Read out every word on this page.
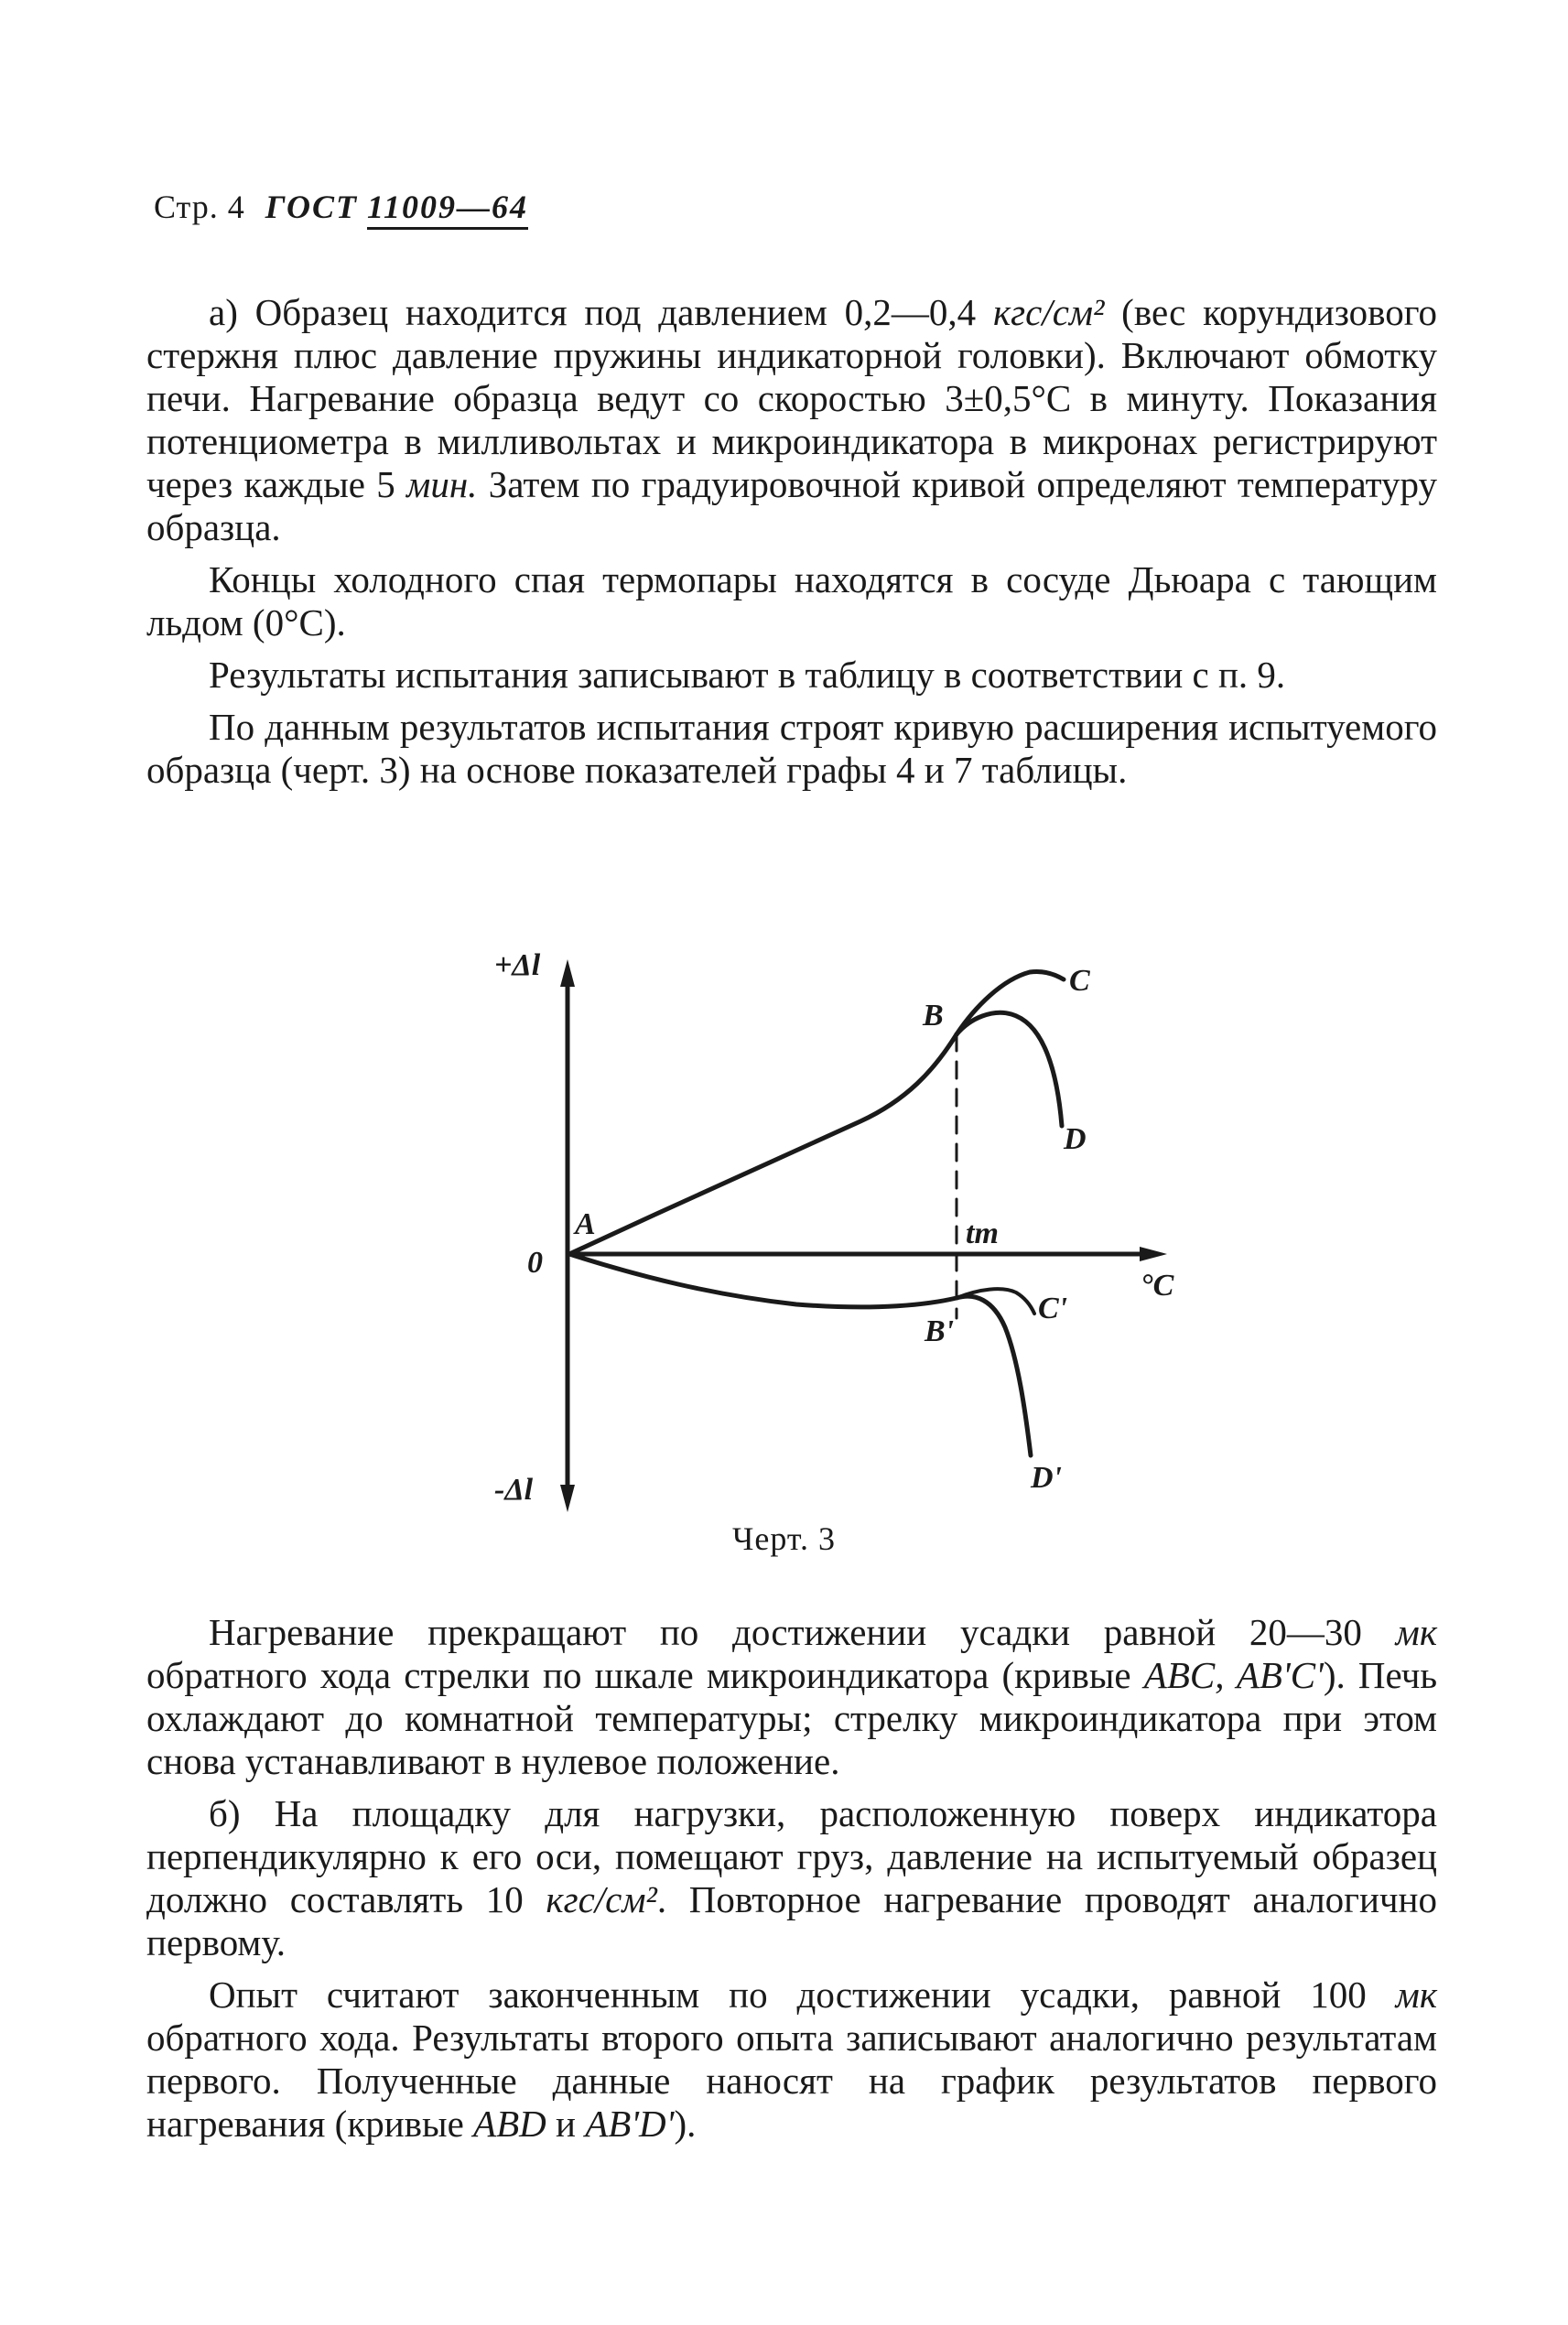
Стр. 4 ГОСТ 11009—64

а) Образец находится под давлением 0,2—0,4 кгс/см² (вес корундизового стержня плюс давление пружины индикаторной головки). Включают обмотку печи. Нагревание образца ведут со скоростью 3±0,5°С в минуту. Показания потенциометра в милливольтах и микроиндикатора в микронах регистрируют через каждые 5 мин. Затем по градуировочной кривой определяют температуру образца.

Концы холодного спая термопары находятся в сосуде Дьюара с тающим льдом (0°С).

Результаты испытания записывают в таблицу в соответствии с п. 9.

По данным результатов испытания строят кривую расширения испытуемого образца (черт. 3) на основе показателей графы 4 и 7 таблицы.

+Δl
-Δl
0
°C
A
B
C
D
B'
C'
D'
tт
Черт. 3

Нагревание прекращают по достижении усадки равной 20—30 мк обратного хода стрелки по шкале микроиндикатора (кривые ABC, AB'C'). Печь охлаждают до комнатной температуры; стрелку микроиндикатора при этом снова устанавливают в нулевое положение.

б) На площадку для нагрузки, расположенную поверх индикатора перпендикулярно к его оси, помещают груз, давление на испытуемый образец должно составлять 10 кгс/см². Повторное нагревание проводят аналогично первому.

Опыт считают законченным по достижении усадки, равной 100 мк обратного хода. Результаты второго опыта записывают аналогично результатам первого. Полученные данные наносят на график результатов первого нагревания (кривые ABD и AB'D').
